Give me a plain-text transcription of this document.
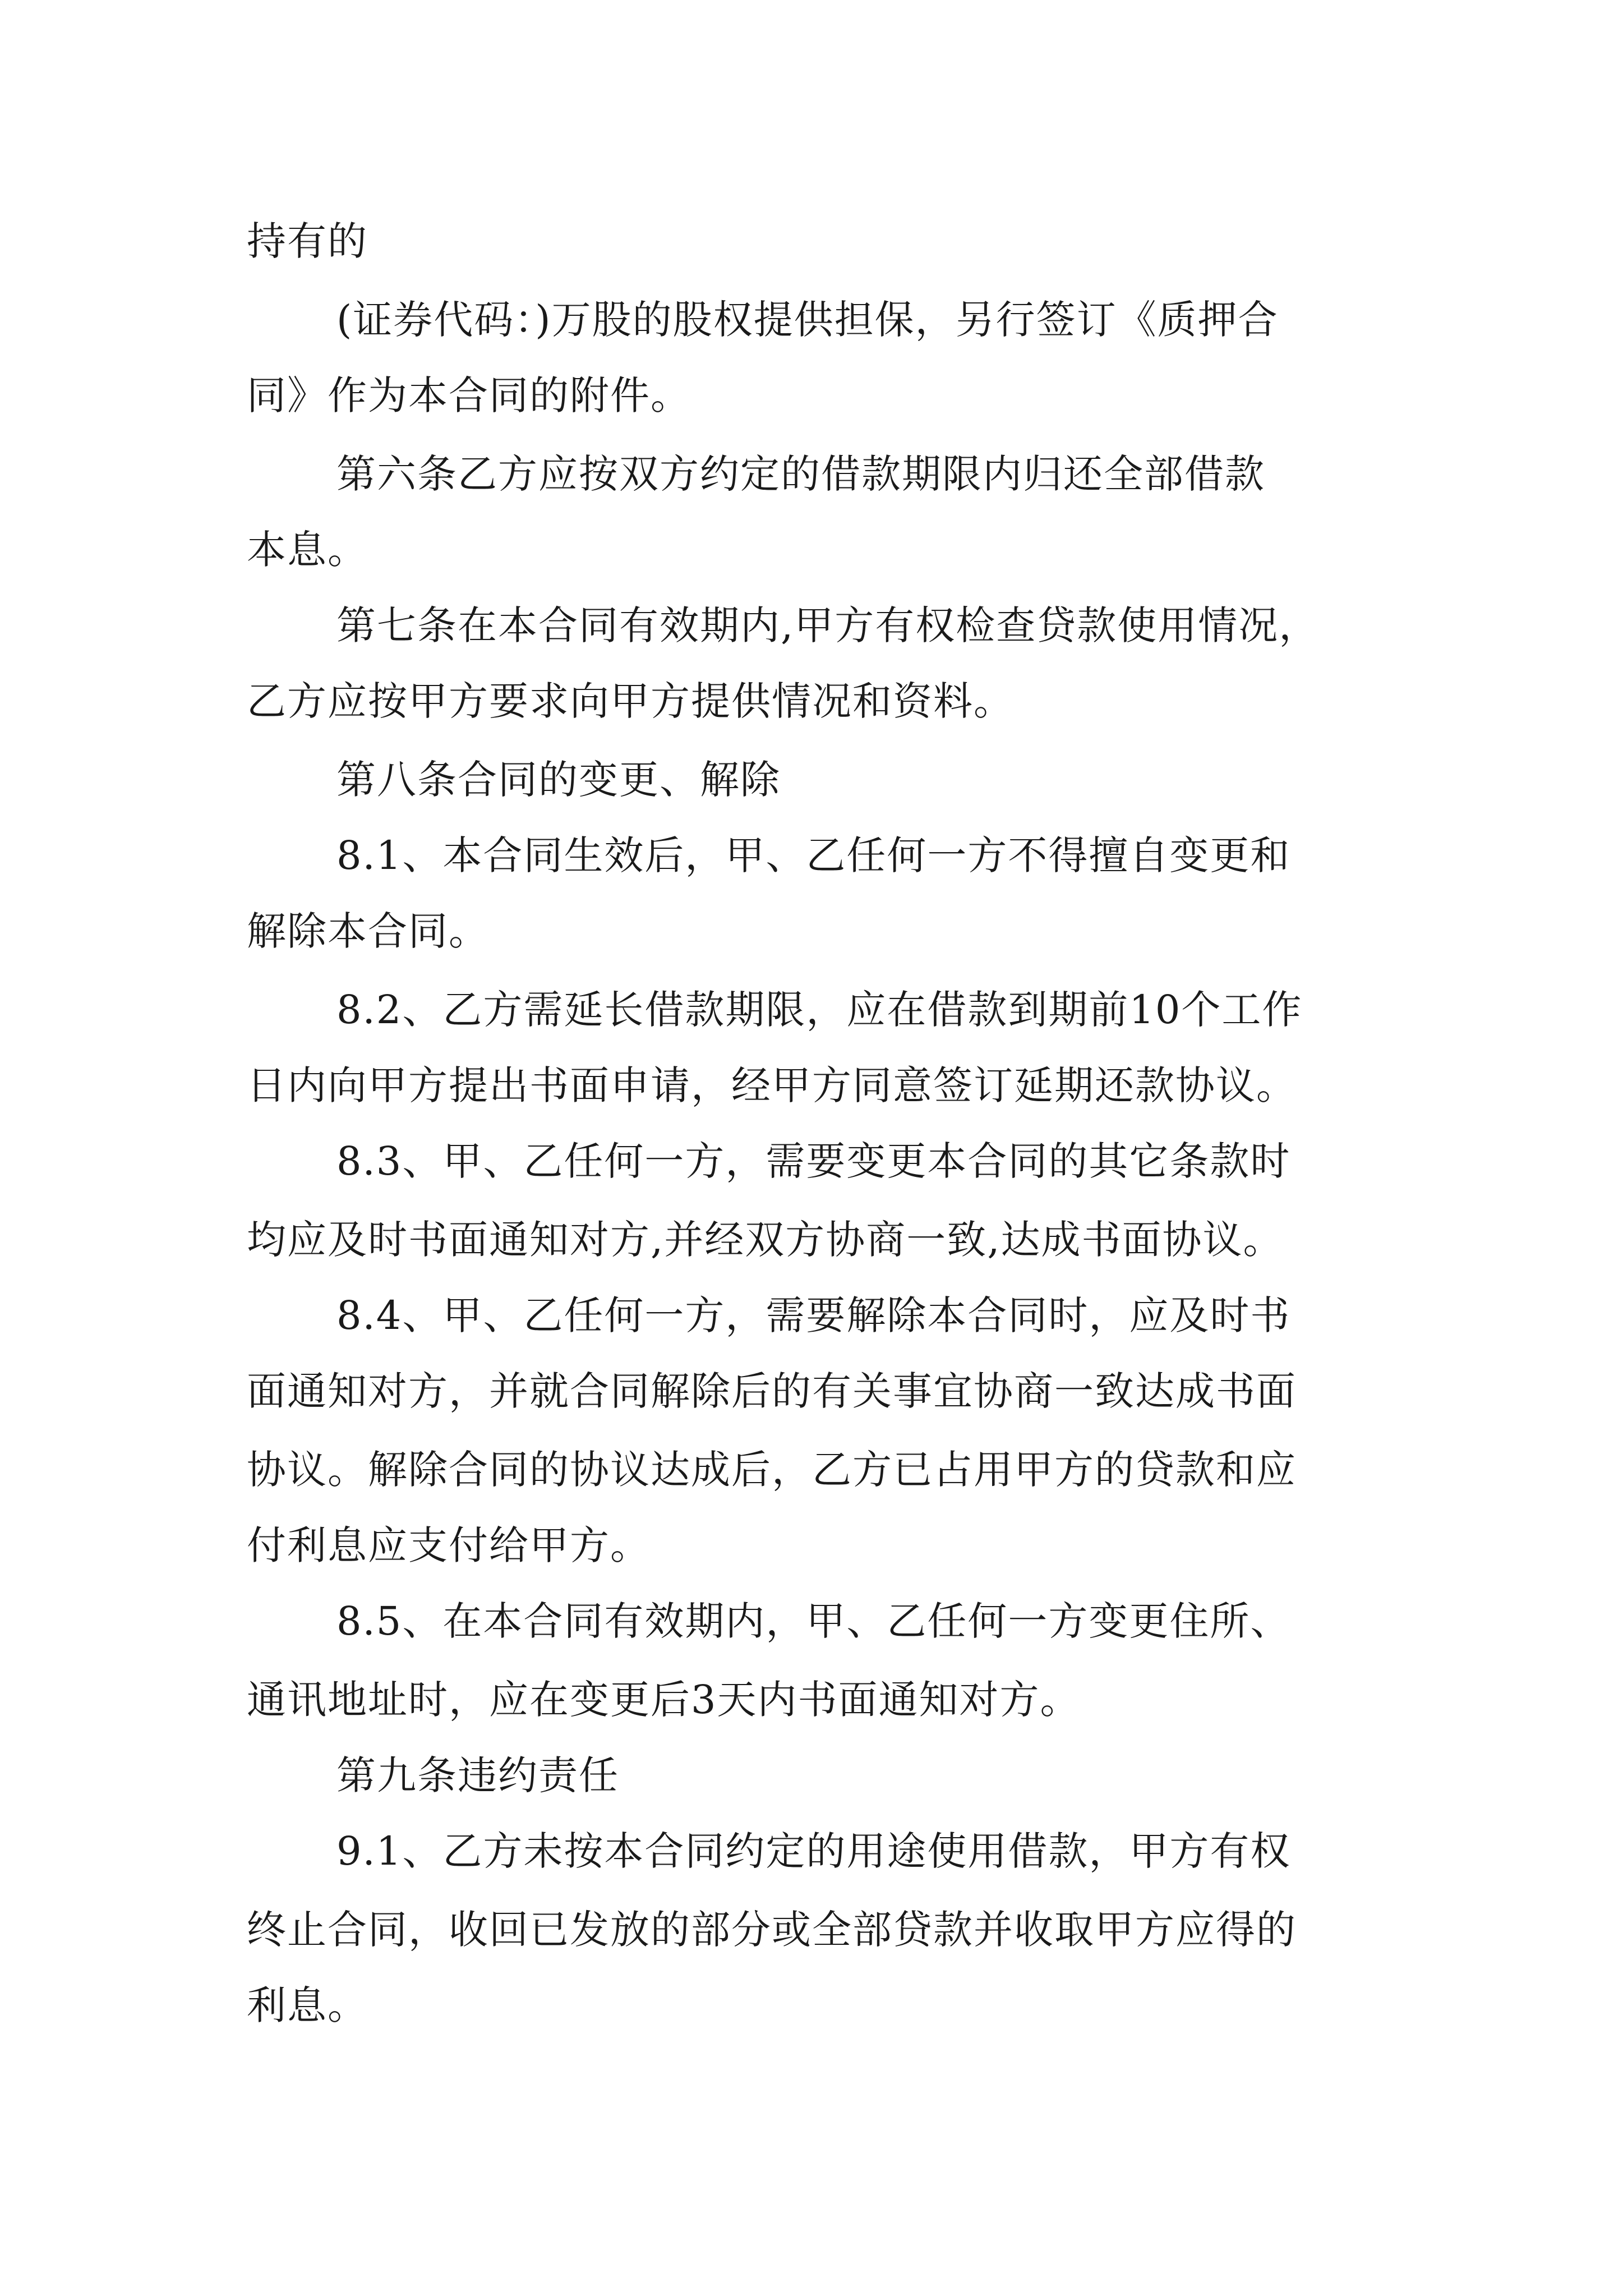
持有的

(证券代码：)万股的股权提供担保，另行签订《质押合

同》作为本合同的附件。

第六条乙方应按双方约定的借款期限内归还全部借款

本息。

第七条在本合同有效期内,甲方有权检查贷款使用情况，

乙方应按甲方要求向甲方提供情况和资料。

第八条合同的变更、解除

8.1、本合同生效后，甲、乙任何一方不得擅自变更和

解除本合同。

8.2、乙方需延长借款期限，应在借款到期前10个工作

日内向甲方提出书面申请，经甲方同意签订延期还款协议。

8.3、甲、乙任何一方，需要变更本合同的其它条款时

均应及时书面通知对方,并经双方协商一致,达成书面协议。

8.4、甲、乙任何一方，需要解除本合同时，应及时书

面通知对方，并就合同解除后的有关事宜协商一致达成书面

协议。解除合同的协议达成后，乙方已占用甲方的贷款和应

付利息应支付给甲方。

8.5、在本合同有效期内，甲、乙任何一方变更住所、

通讯地址时，应在变更后3天内书面通知对方。

第九条违约责任

9.1、乙方未按本合同约定的用途使用借款，甲方有权

终止合同，收回已发放的部分或全部贷款并收取甲方应得的

利息。
